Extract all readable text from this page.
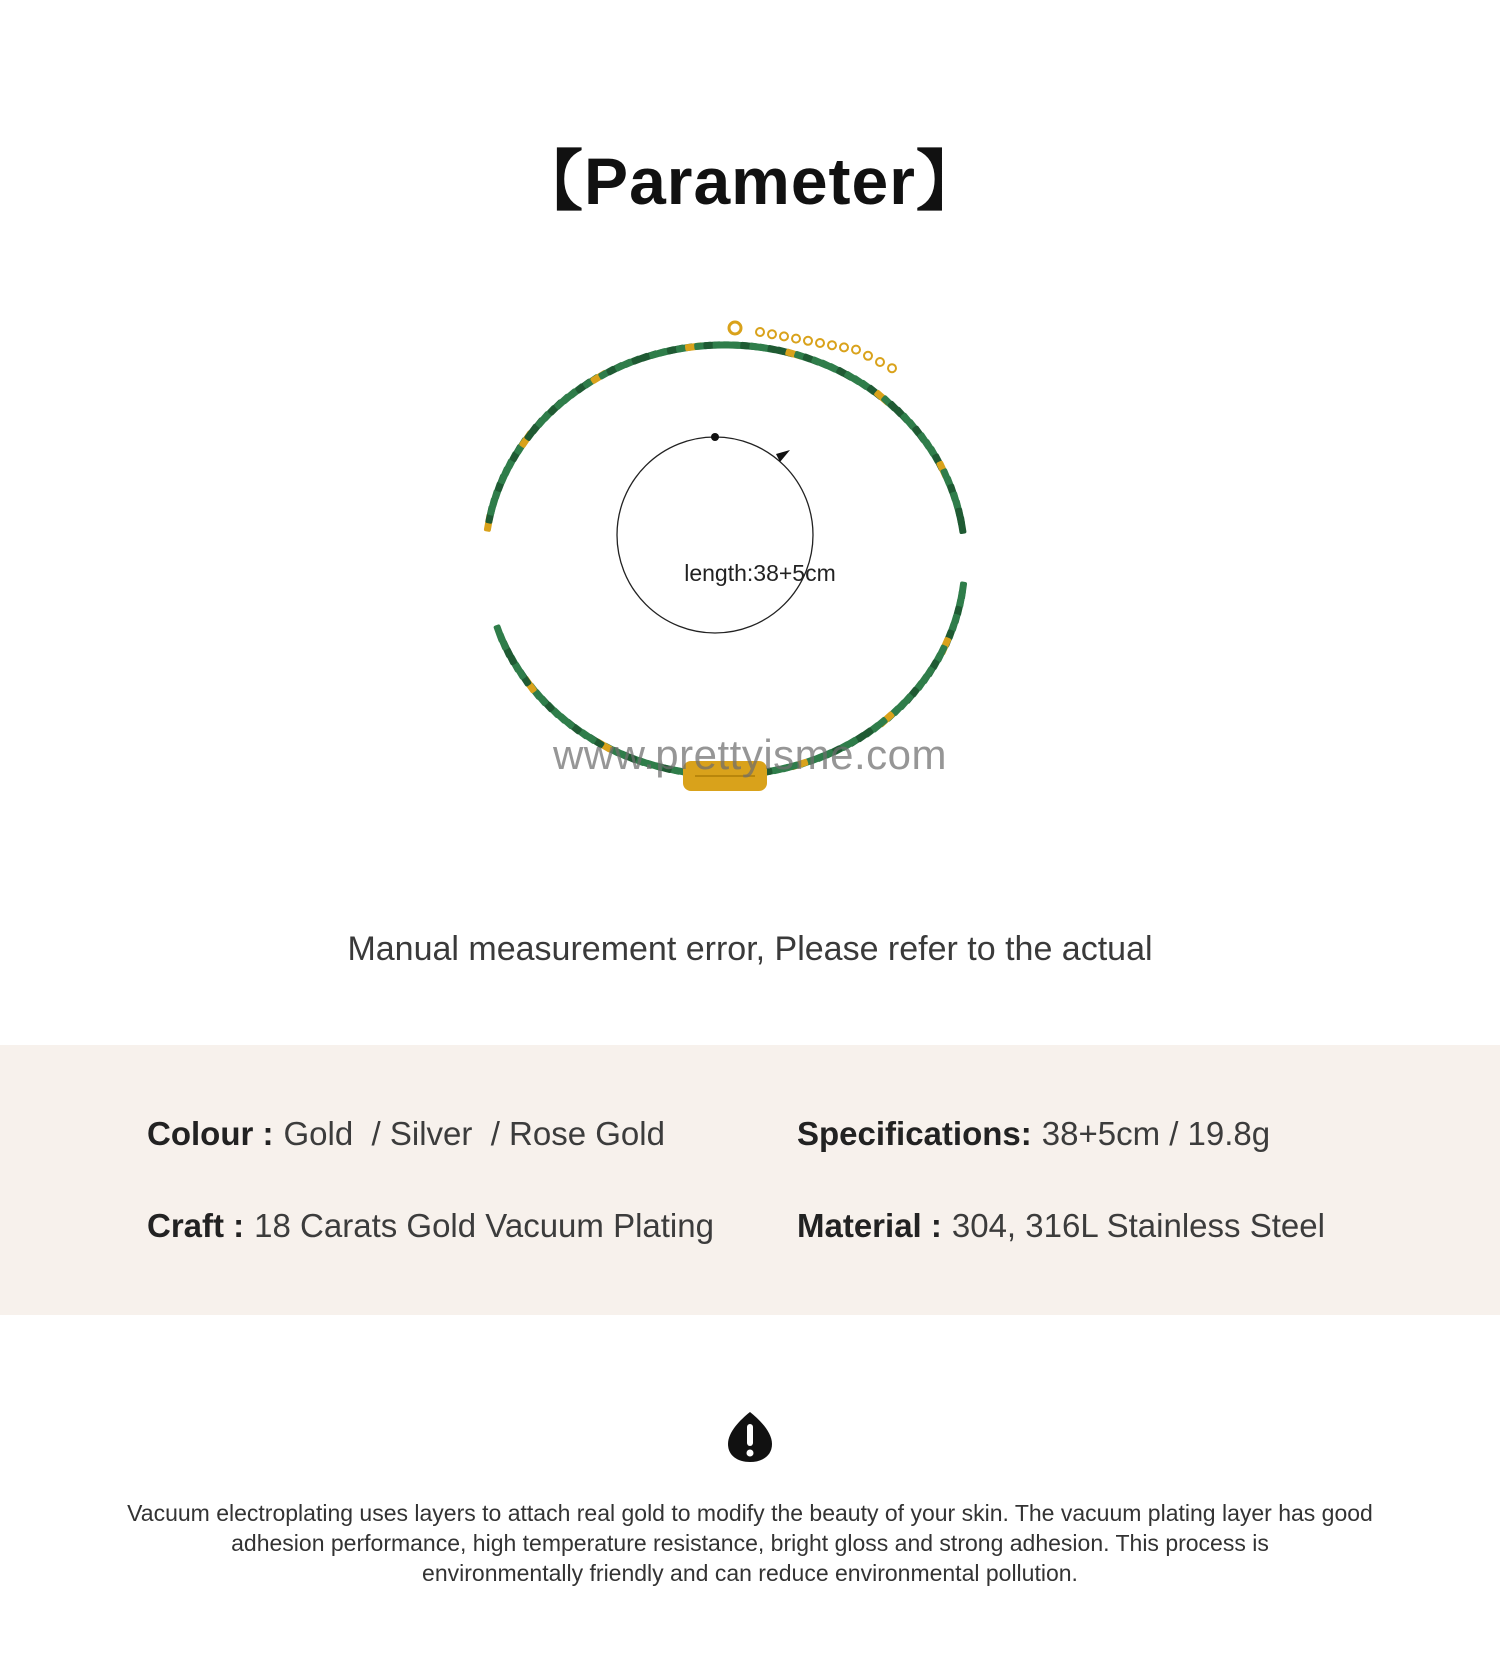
【Parameter】
length:38+5cm
www.prettyisme.com
Manual measurement error, Please refer to the actual
Colour : Gold  / Silver  / Rose Gold	Specifications: 38+5cm / 19.8g
Craft : 18 Carats Gold Vacuum Plating	Material : 304, 316L Stainless Steel
Vacuum electroplating uses layers to attach real gold to modify the beauty of your skin. The vacuum plating layer has good
adhesion performance, high temperature resistance, bright gloss and strong adhesion. This process is
environmentally friendly and can reduce environmental pollution.
